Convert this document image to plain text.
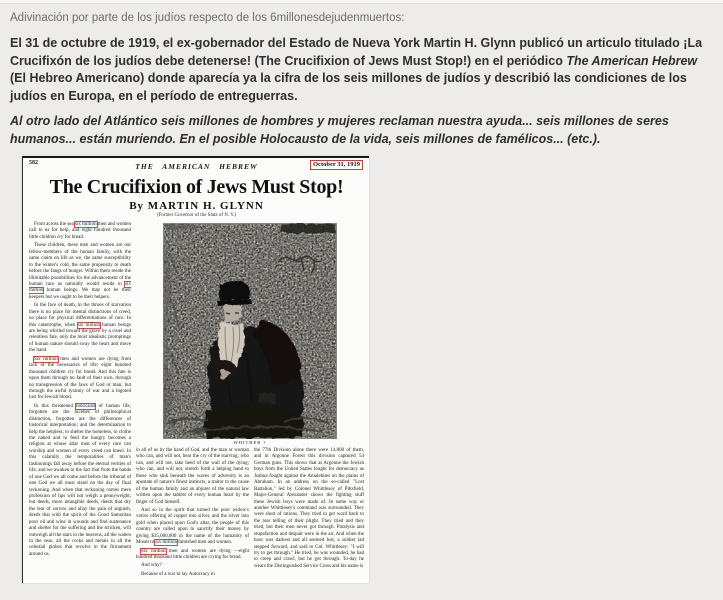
Adivinación por parte de los judíos respecto de los 6millonesdejudenmuertos:
El 31 de octubre de 1919, el ex-gobernador del Estado de Nueva York Martin H. Glynn publicó un articulo titulado ¡La Crucifixón de los judíos debe detenerse! (The Crucifixion of Jews Must Stop!) en el periódico The American Hebrew (El Hebreo Americano) donde aparecía ya la cifra de los seis millones de judíos y describió las condiciones de los judíos en Europa, en el período de entreguerras.
Al otro lado del Atlántico seis millones de hombres y mujeres reclaman nuestra ayuda... seis millones de seres humanos... están muriendo. En el posible Holocausto de la vida, seis millones de famélicos... (etc.).
582	THE AMERICAN HEBREW	October 31, 1919
The Crucifixion of Jews Must Stop!
By MARTIN H. GLYNN
(Former Governor of the State of N. Y.)

From across the sea six million men and women call to us for help, and eight hundred thousand little children cry for bread.

These children, these men and women are our fellow-members of the human family, with the same claim on life as we, the same susceptibility to the winter's cold, the same propensity to death before the fangs of hunger. Within them reside the illimitable possibilities for the advancement of the human race as naturally would reside in six million human beings. We may not be their keepers but we ought to be their helpers.

In the face of death, in the throes of starvation there is no place for mental distinctions of creed, no place for physical differentiations of race. In this catastrophe, when six million human beings are being whirled toward the grave by a cruel and relentless fate, only the most idealistic promptings of human nature should sway the heart and move the hand.

Six million men and women are dying from lack of the necessaries of life; eight hundred thousand children cry for bread. And this fate is upon them through no fault of their own, through no transgression of the laws of God or man; but through the awful tyranny of war and a bigoted lust for Jewish blood.

In this threatened holocaust of human life, forgotten are the niceties of philosophical distinction, forgotten are the differences of historical interpretation; and the determination to help the helpless, to shelter the homeless, to clothe the naked and to feed the hungry becomes a religion at whose altar men of every race can worship and women of every creed can kneel. In this calamity the temporalities of man's fashionings fall away before the eternal verities of life, and we awaken to the fact that from the hands of one God we all come and before the tribunal of one God we all must stand on the day of final reckoning. And when that reckoning comes mere profession of lips will not weigh a pennyweight; but deeds, more intangible deeds, deeds that dry the tear of sorrow and allay the pain of anguish, deeds that with the spirit of the Good Samaritan pour oil and wine in wounds and find sustenance and shelter for the suffering and the stricken, will outweigh all the stars in the heavens, all the waters in the seas, all the rocks and metals in all the celestial globes that revolve in the firmament around us.

WHITHER ?

in all of us by the hand of God, and the man or woman who can, and will not, hear the cry of the starving; who can, and will not, take heed of the wail of the dying; who can, and will not, stretch forth a helping hand to those who sink beneath the waves of adversity is an apostate of nature's finest instincts, a traitor to the cause of the human family and an abjurer of the natural law written upon the tablets of every human heart by the finger of God himself.

And so in the spirit that turned the poor widow's votive offering of copper into silver, and the silver into gold when placed upon God's altar, the people of this country are called upon to sanctify their money by giving $35,000,000 in the name of the humanity of Moses to six million famished men and women.

Six million men and women are dying —eight hundred thousand little children are crying for bread.

And why?

Because of a war to lay Autocracy in

the 77th Division alone there were 14,000 of them, and in Argonne Forest this division captured 54 German guns. This shows that at Argonne the Jewish boys from the United States fought for democracy as Joshua fought against the Amalekites on the plains of Abraham. In an address on the so-called "Lost Battalion," led by Colonel Whittlesey of Pittsfield, Major-General Alexander shows the fighting stuff these Jewish boys were made of. In some way or another Whittlesey's command was surrounded. They were short of rations. They tried to get word back to the rear telling of their plight. They tried and they tried, but their men never got through. Paralysis and stupefaction and despair were in the air. And when the hour was darkest and all seemed lost, a soldier lad stepped forward, and said to Col. Whittlesey: "I will try to get through." He tried, he was wounded, he had to creep and crawl, but he got through. To-day he wears the Distinguished Service Cross and his name is
